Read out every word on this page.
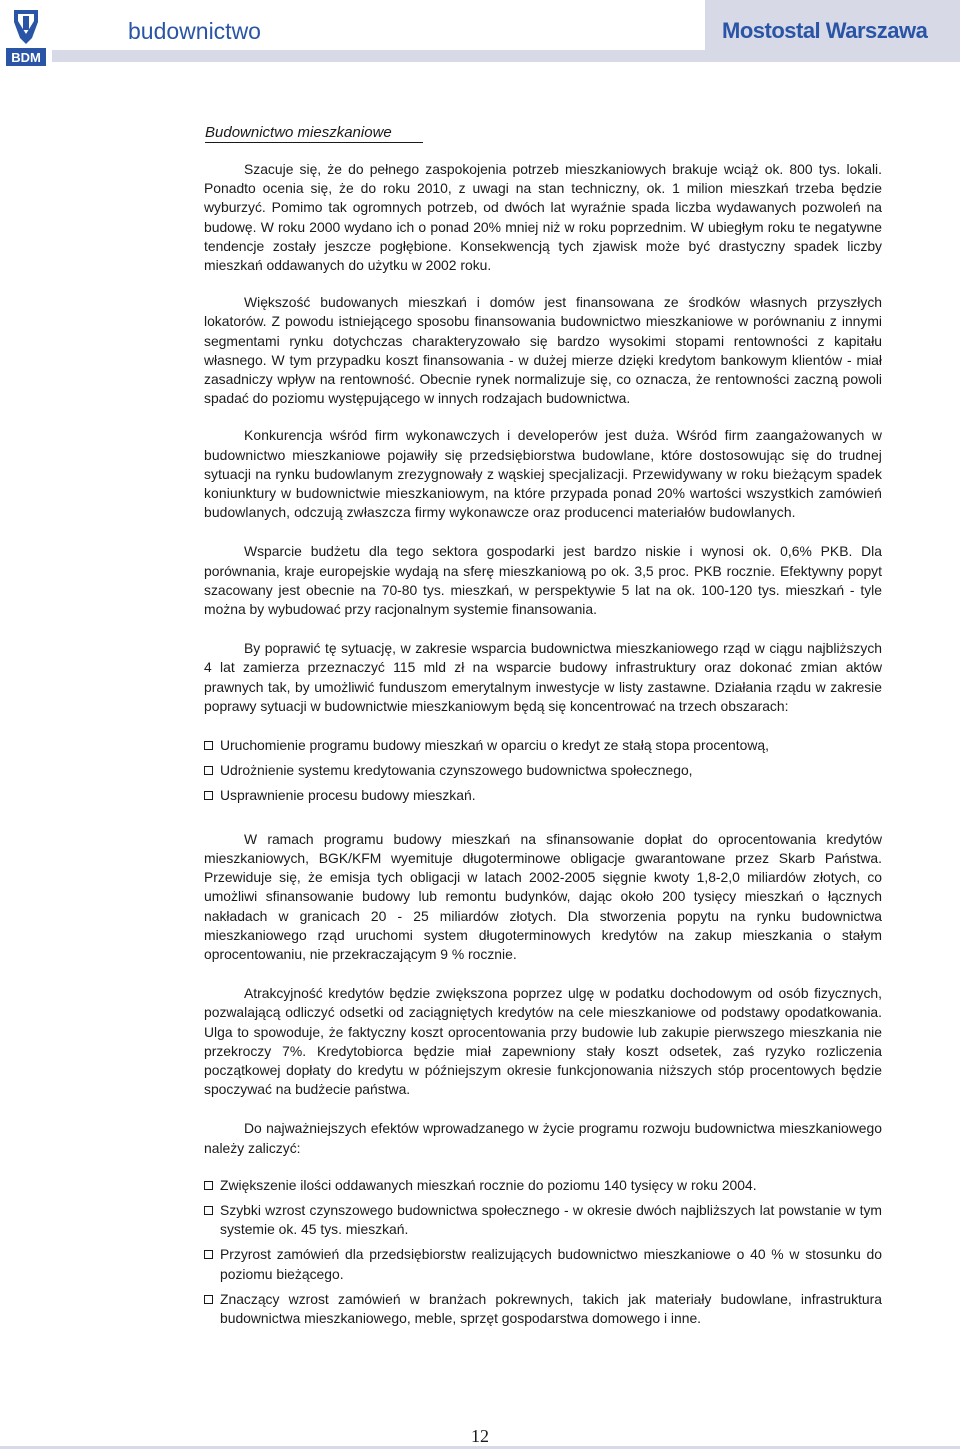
BDM
budownictwo	Mostostal Warszawa
Budownictwo mieszkaniowe

Szacuje się, że do pełnego zaspokojenia potrzeb mieszkaniowych brakuje wciąż ok. 800 tys. lokali. Ponadto ocenia się, że do roku 2010, z uwagi na stan techniczny, ok. 1 milion mieszkań trzeba będzie wyburzyć. Pomimo tak ogromnych potrzeb, od dwóch lat wyraźnie spada liczba wydawanych pozwoleń na budowę. W roku 2000 wydano ich o ponad 20% mniej niż w roku poprzednim. W ubiegłym roku te negatywne tendencje zostały jeszcze pogłębione. Konsekwencją tych zjawisk może być drastyczny spadek liczby mieszkań oddawanych do użytku w 2002 roku.

Większość budowanych mieszkań i domów jest finansowana ze środków własnych przyszłych lokatorów. Z powodu istniejącego sposobu finansowania budownictwo mieszkaniowe w porównaniu z innymi segmentami rynku dotychczas charakteryzowało się bardzo wysokimi stopami rentowności z kapitału własnego. W tym przypadku koszt finansowania - w dużej mierze dzięki kredytom bankowym klientów - miał zasadniczy wpływ na rentowność. Obecnie rynek normalizuje się, co oznacza, że rentowności zaczną powoli spadać do poziomu występującego w innych rodzajach budownictwa.

Konkurencja wśród firm wykonawczych i developerów jest duża. Wśród firm zaangażowanych w budownictwo mieszkaniowe pojawiły się przedsiębiorstwa budowlane, które dostosowując się do trudnej sytuacji na rynku budowlanym zrezygnowały z wąskiej specjalizacji. Przewidywany w roku bieżącym spadek koniunktury w budownictwie mieszkaniowym, na które przypada ponad 20% wartości wszystkich zamówień budowlanych, odczują zwłaszcza firmy wykonawcze oraz producenci materiałów budowlanych.

Wsparcie budżetu dla tego sektora gospodarki jest bardzo niskie i wynosi ok. 0,6% PKB. Dla porównania, kraje europejskie wydają na sferę mieszkaniową po ok. 3,5 proc. PKB rocznie. Efektywny popyt szacowany jest obecnie na 70-80 tys. mieszkań, w perspektywie 5 lat na ok. 100-120 tys. mieszkań - tyle można by wybudować przy racjonalnym systemie finansowania.

By poprawić tę sytuację, w zakresie wsparcia budownictwa mieszkaniowego rząd w ciągu najbliższych 4 lat zamierza przeznaczyć 115 mld zł na wsparcie budowy infrastruktury oraz dokonać zmian aktów prawnych tak, by umożliwić funduszom emerytalnym inwestycje w listy zastawne. Działania rządu w zakresie poprawy sytuacji w budownictwie mieszkaniowym będą się koncentrować na trzech obszarach:

Uruchomienie programu budowy mieszkań w oparciu o kredyt ze stałą stopa procentową,
Udrożnienie systemu kredytowania czynszowego budownictwa społecznego,
Usprawnienie procesu budowy mieszkań.

W ramach programu budowy mieszkań na sfinansowanie dopłat do oprocentowania kredytów mieszkaniowych, BGK/KFM wyemituje długoterminowe obligacje gwarantowane przez Skarb Państwa. Przewiduje się, że emisja tych obligacji w latach 2002-2005 sięgnie kwoty 1,8-2,0 miliardów złotych, co umożliwi sfinansowanie budowy lub remontu budynków, dając około 200 tysięcy mieszkań o łącznych nakładach w granicach 20 - 25 miliardów złotych. Dla stworzenia popytu na rynku budownictwa mieszkaniowego rząd uruchomi system długoterminowych kredytów na zakup mieszkania o stałym oprocentowaniu, nie przekraczającym 9 % rocznie.

Atrakcyjność kredytów będzie zwiększona poprzez ulgę w podatku dochodowym od osób fizycznych, pozwalającą odliczyć odsetki od zaciągniętych kredytów na cele mieszkaniowe od podstawy opodatkowania. Ulga to spowoduje, że faktyczny koszt oprocentowania przy budowie lub zakupie pierwszego mieszkania nie przekroczy 7%. Kredytobiorca będzie miał zapewniony stały koszt odsetek, zaś ryzyko rozliczenia początkowej dopłaty do kredytu w późniejszym okresie funkcjonowania niższych stóp procentowych będzie spoczywać na budżecie państwa.

Do najważniejszych efektów wprowadzanego w życie programu rozwoju budownictwa mieszkaniowego należy zaliczyć:

Zwiększenie ilości oddawanych mieszkań rocznie do poziomu 140 tysięcy w roku 2004.
Szybki wzrost czynszowego budownictwa społecznego - w okresie dwóch najbliższych lat powstanie w tym systemie ok. 45 tys. mieszkań.
Przyrost zamówień dla przedsiębiorstw realizujących budownictwo mieszkaniowe o 40 % w stosunku do poziomu bieżącego.
Znaczący wzrost zamówień w branżach pokrewnych, takich jak materiały budowlane, infrastruktura budownictwa mieszkaniowego, meble, sprzęt gospodarstwa domowego i inne.
12
